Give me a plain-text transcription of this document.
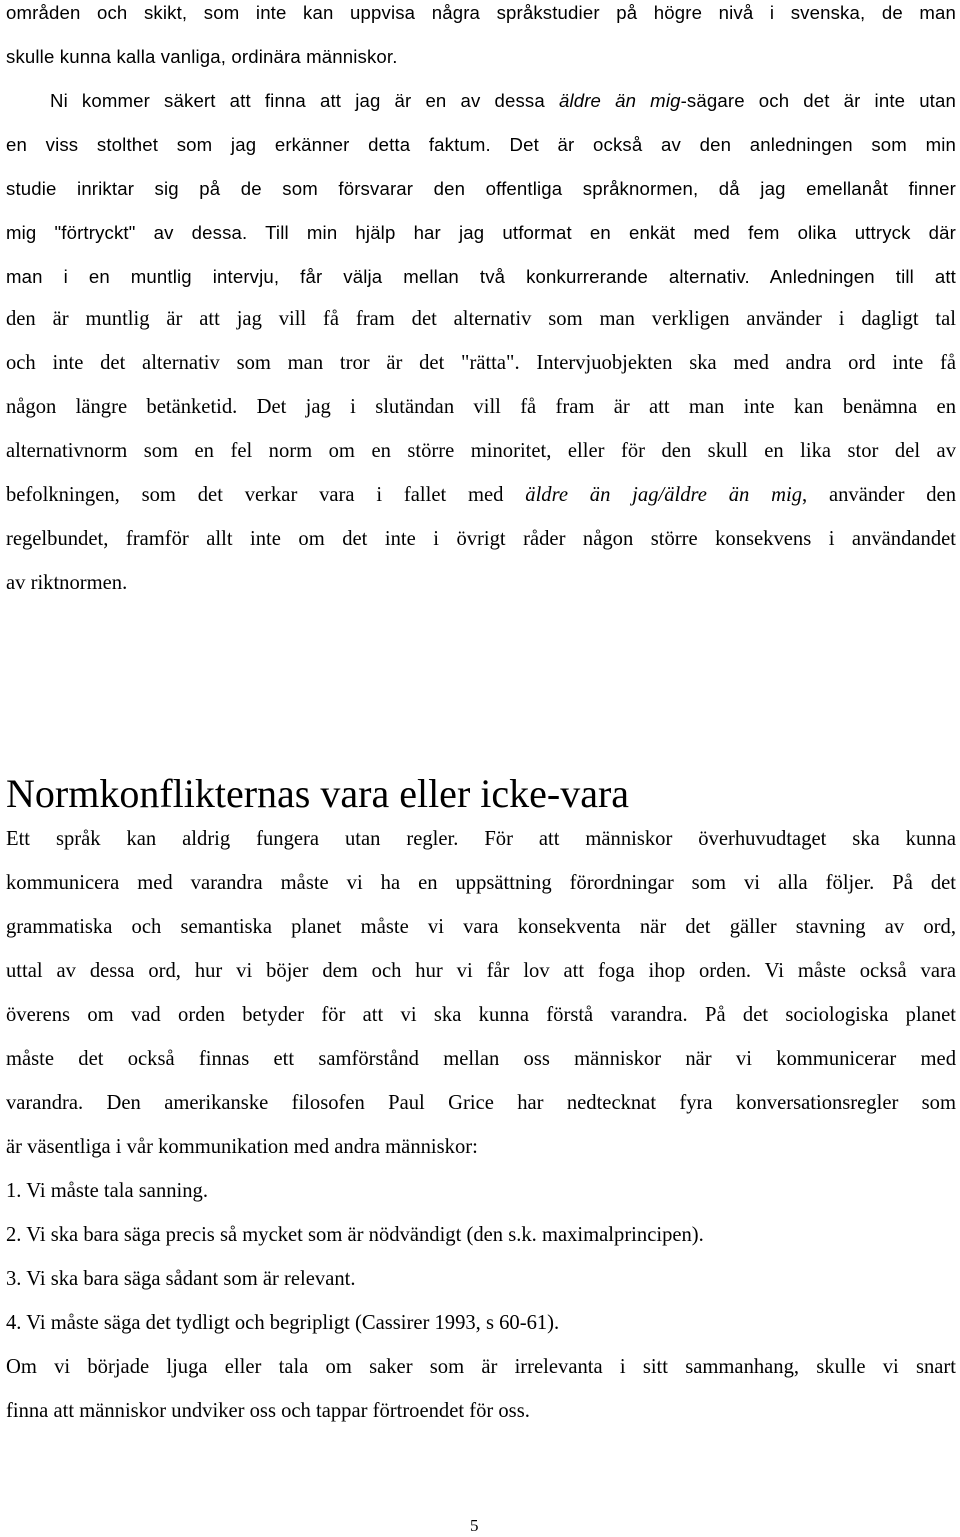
områden och skikt, som inte kan uppvisa några språkstudier på högre nivå i svenska, de man

skulle kunna kalla vanliga, ordinära människor.

Ni kommer säkert att finna att jag är en av dessa äldre än mig-sägare och det är inte utan

en viss stolthet som jag erkänner detta faktum. Det är också av den anledningen som min

studie inriktar sig på de som försvarar den offentliga språknormen, då jag emellanåt finner

mig "förtryckt" av dessa. Till min hjälp har jag utformat en enkät med fem olika uttryck där

man i en muntlig intervju, får välja mellan två konkurrerande alternativ. Anledningen till att

den är muntlig är att jag vill få fram det alternativ som man verkligen använder i dagligt tal

och inte det alternativ som man tror är det "rätta". Intervjuobjekten ska med andra ord inte få

någon längre betänketid. Det jag i slutändan vill få fram är att man inte kan benämna en

alternativnorm som en fel norm om en större minoritet, eller för den skull en lika stor del av

befolkningen, som det verkar vara i fallet med äldre än jag/äldre än mig, använder den

regelbundet, framför allt inte om det inte i övrigt råder någon större konsekvens i användandet

av riktnormen.

Normkonflikternas vara eller icke-vara

Ett språk kan aldrig fungera utan regler. För att människor överhuvudtaget ska kunna

kommunicera med varandra måste vi ha en uppsättning förordningar som vi alla följer. På det

grammatiska och semantiska planet måste vi vara konsekventa när det gäller stavning av ord,

uttal av dessa ord, hur vi böjer dem och hur vi får lov att foga ihop orden. Vi måste också vara

överens om vad orden betyder för att vi ska kunna förstå varandra. På det sociologiska planet

måste det också finnas ett samförstånd mellan oss människor när vi kommunicerar med

varandra. Den amerikanske filosofen Paul Grice har nedtecknat fyra konversationsregler som

är väsentliga i vår kommunikation med andra människor:

1. Vi måste tala sanning.

2. Vi ska bara säga precis så mycket som är nödvändigt (den s.k. maximalprincipen).

3. Vi ska bara säga sådant som är relevant.

4. Vi måste säga det tydligt och begripligt (Cassirer 1993, s 60-61).

Om vi började ljuga eller tala om saker som är irrelevanta i sitt sammanhang, skulle vi snart

finna att människor undviker oss och tappar förtroendet för oss.

5
